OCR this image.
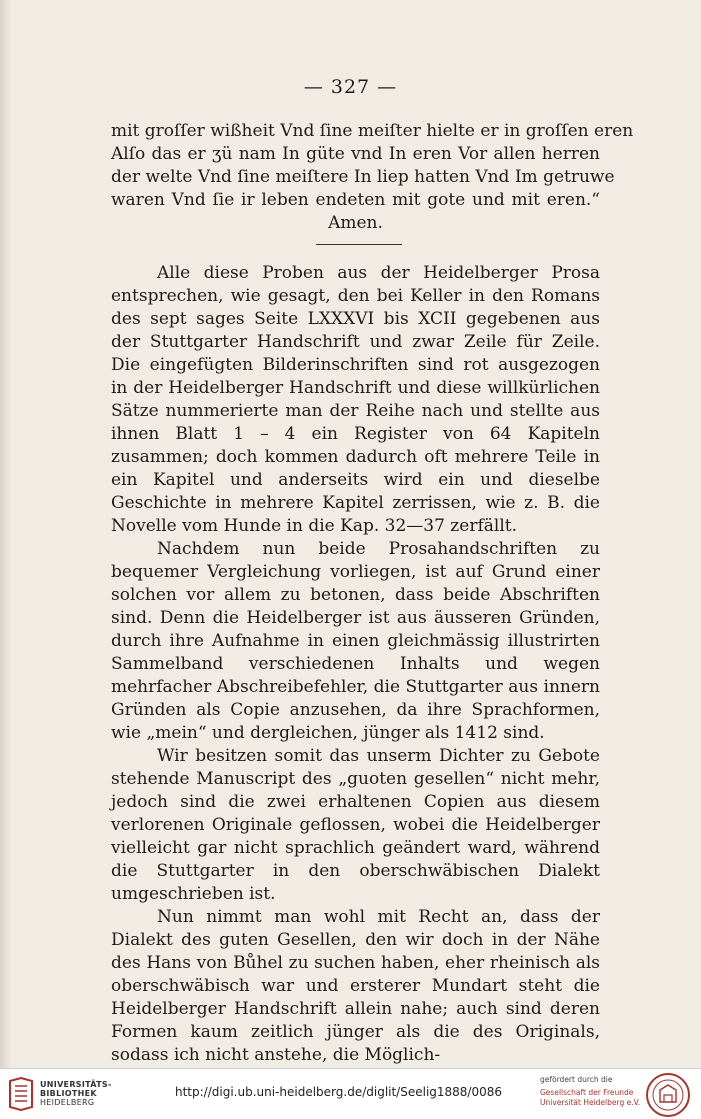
— 327 —
mit groſſer wißheit Vnd ſine meiſter hielte er in groſſen eren
Alſo das er ʒü nam In güte vnd In eren Vor allen herren
der welte Vnd ſine meiſtere In liep hatten Vnd Im getruwe
waren Vnd ſie ir leben endeten mit gote und mit eren.“
Amen.

Alle diese Proben aus der Heidelberger Prosa entsprechen, wie gesagt, den bei Keller in den Romans des sept sages Seite LXXXVI bis XCII gegebenen aus der Stuttgarter Handschrift und zwar Zeile für Zeile. Die eingefügten Bilderinschriften sind rot ausgezogen in der Heidelberger Handschrift und diese willkürlichen Sätze nummerierte man der Reihe nach und stellte aus ihnen Blatt 1 – 4 ein Register von 64 Kapiteln zusammen; doch kommen dadurch oft mehrere Teile in ein Kapitel und anderseits wird ein und dieselbe Geschichte in mehrere Kapitel zerrissen, wie z. B. die Novelle vom Hunde in die Kap. 32—37 zerfällt.

Nachdem nun beide Prosahandschriften zu bequemer Vergleichung vorliegen, ist auf Grund einer solchen vor allem zu betonen, dass beide Abschriften sind. Denn die Heidelberger ist aus äusseren Gründen, durch ihre Aufnahme in einen gleichmässig illustrirten Sammelband verschiedenen Inhalts und wegen mehrfacher Abschreibefehler, die Stuttgarter aus innern Gründen als Copie anzusehen, da ihre Sprachformen, wie „mein“ und dergleichen, jünger als 1412 sind.

Wir besitzen somit das unserm Dichter zu Gebote stehende Manuscript des „guoten gesellen“ nicht mehr, jedoch sind die zwei erhaltenen Copien aus diesem verlorenen Originale geflossen, wobei die Heidelberger vielleicht gar nicht sprachlich geändert ward, während die Stuttgarter in den oberschwäbischen Dialekt umgeschrieben ist.

Nun nimmt man wohl mit Recht an, dass der Dialekt des guten Gesellen, den wir doch in der Nähe des Hans von Bůhel zu suchen haben, eher rheinisch als oberschwäbisch war und ersterer Mundart steht die Heidelberger Handschrift allein nahe; auch sind deren Formen kaum zeitlich jünger als die des Originals, sodass ich nicht anstehe, die Möglich-

UNIVERSITÄTS-
BIBLIOTHEK
HEIDELBERG
http://digi.ub.uni-heidelberg.de/diglit/Seelig1888/0086
gefördert durch die
Gesellschaft der Freunde
Universität Heidelberg e.V.
